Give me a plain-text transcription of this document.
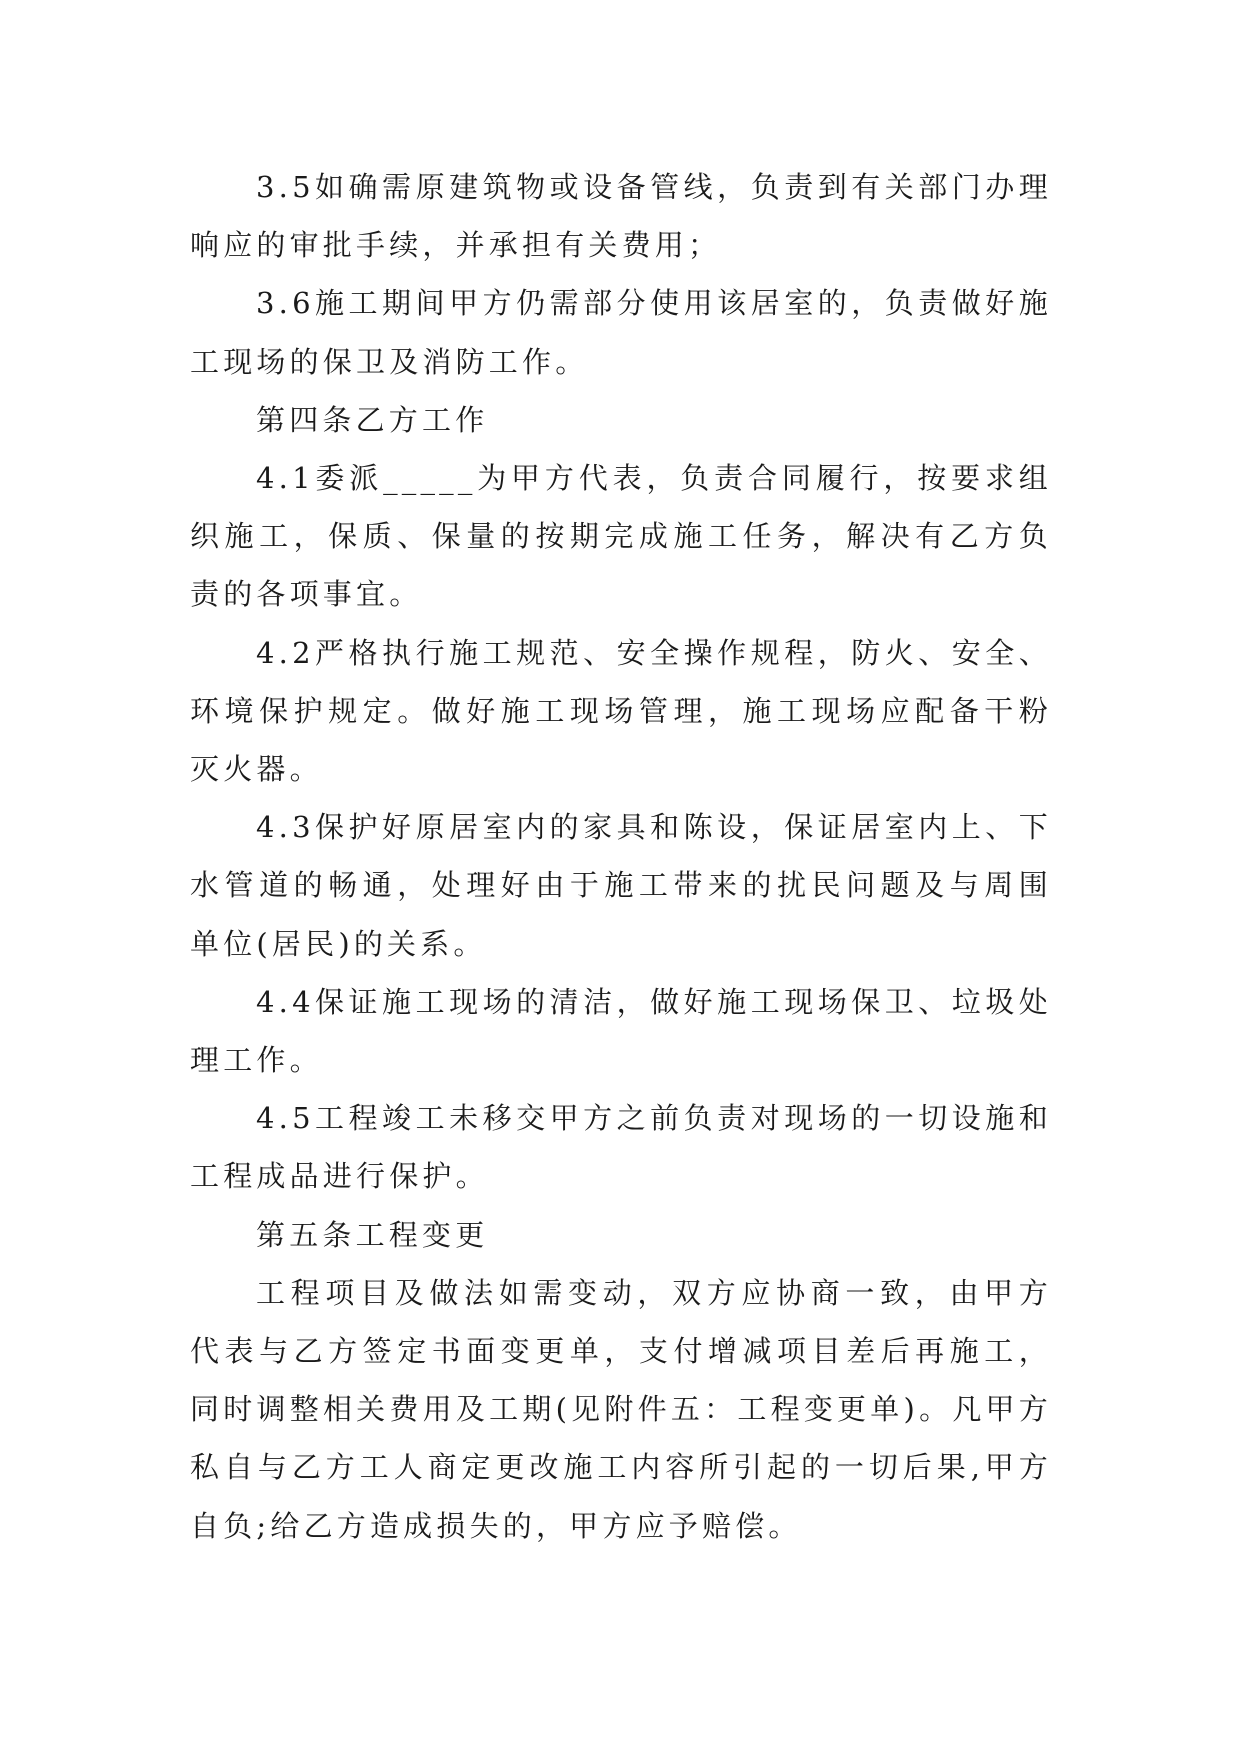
3.5如确需原建筑物或设备管线，负责到有关部门办理响应的审批手续，并承担有关费用；

3.6施工期间甲方仍需部分使用该居室的，负责做好施工现场的保卫及消防工作。

第四条乙方工作

4.1委派_____为甲方代表，负责合同履行，按要求组织施工，保质、保量的按期完成施工任务，解决有乙方负责的各项事宜。

4.2严格执行施工规范、安全操作规程，防火、安全、环境保护规定。做好施工现场管理，施工现场应配备干粉灭火器。

4.3保护好原居室内的家具和陈设，保证居室内上、下水管道的畅通，处理好由于施工带来的扰民问题及与周围单位(居民)的关系。

4.4保证施工现场的清洁，做好施工现场保卫、垃圾处理工作。

4.5工程竣工未移交甲方之前负责对现场的一切设施和工程成品进行保护。

第五条工程变更

工程项目及做法如需变动，双方应协商一致，由甲方代表与乙方签定书面变更单，支付增减项目差后再施工，同时调整相关费用及工期(见附件五：工程变更单)。凡甲方私自与乙方工人商定更改施工内容所引起的一切后果,甲方自负;给乙方造成损失的，甲方应予赔偿。
